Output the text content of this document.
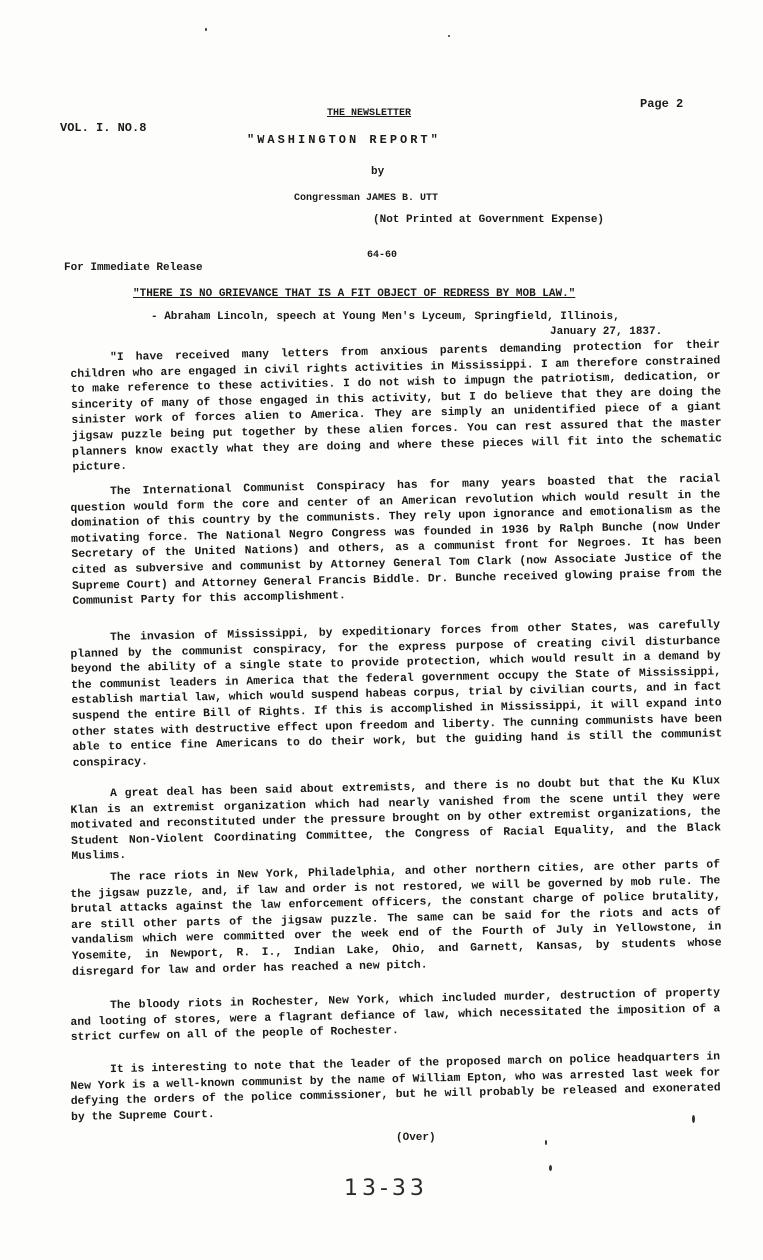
VOL. I. NO.8
Page 2
THE NEWSLETTER
"WASHINGTON REPORT"
by
Congressman JAMES B. UTT
(Not Printed at Government Expense)
64-60
For Immediate Release
"THERE IS NO GRIEVANCE THAT IS A FIT OBJECT OF REDRESS BY MOB LAW."
- Abraham Lincoln, speech at Young Men's Lyceum, Springfield, Illinois,
January 27, 1837.
"I have received many letters from anxious parents demanding protection for their children who are engaged in civil rights activities in Mississippi. I am therefore constrained to make reference to these activities. I do not wish to impugn the patriotism, dedication, or sincerity of many of those engaged in this activity, but I do believe that they are doing the sinister work of forces alien to America. They are simply an unidentified piece of a giant jigsaw puzzle being put together by these alien forces. You can rest assured that the master planners know exactly what they are doing and where these pieces will fit into the schematic picture.
The International Communist Conspiracy has for many years boasted that the racial question would form the core and center of an American revolution which would result in the domination of this country by the communists. They rely upon ignorance and emotionalism as the motivating force. The National Negro Congress was founded in 1936 by Ralph Bunche (now Under Secretary of the United Nations) and others, as a communist front for Negroes. It has been cited as subversive and communist by Attorney General Tom Clark (now Associate Justice of the Supreme Court) and Attorney General Francis Biddle. Dr. Bunche received glowing praise from the Communist Party for this accomplishment.
The invasion of Mississippi, by expeditionary forces from other States, was carefully planned by the communist conspiracy, for the express purpose of creating civil disturbance beyond the ability of a single state to provide protection, which would result in a demand by the communist leaders in America that the federal government occupy the State of Mississippi, establish martial law, which would suspend habeas corpus, trial by civilian courts, and in fact suspend the entire Bill of Rights. If this is accomplished in Mississippi, it will expand into other states with destructive effect upon freedom and liberty. The cunning communists have been able to entice fine Americans to do their work, but the guiding hand is still the communist conspiracy.
A great deal has been said about extremists, and there is no doubt but that the Ku Klux Klan is an extremist organization which had nearly vanished from the scene until they were motivated and reconstituted under the pressure brought on by other extremist organizations, the Student Non-Violent Coordinating Committee, the Congress of Racial Equality, and the Black Muslims.
The race riots in New York, Philadelphia, and other northern cities, are other parts of the jigsaw puzzle, and, if law and order is not restored, we will be governed by mob rule. The brutal attacks against the law enforcement officers, the constant charge of police brutality, are still other parts of the jigsaw puzzle. The same can be said for the riots and acts of vandalism which were committed over the week end of the Fourth of July in Yellowstone, in Yosemite, in Newport, R. I., Indian Lake, Ohio, and Garnett, Kansas, by students whose disregard for law and order has reached a new pitch.
The bloody riots in Rochester, New York, which included murder, destruction of property and looting of stores, were a flagrant defiance of law, which necessitated the imposition of a strict curfew on all of the people of Rochester.
It is interesting to note that the leader of the proposed march on police headquarters in New York is a well-known communist by the name of William Epton, who was arrested last week for defying the orders of the police commissioner, but he will probably be released and exonerated by the Supreme Court.
(Over)
13-33
